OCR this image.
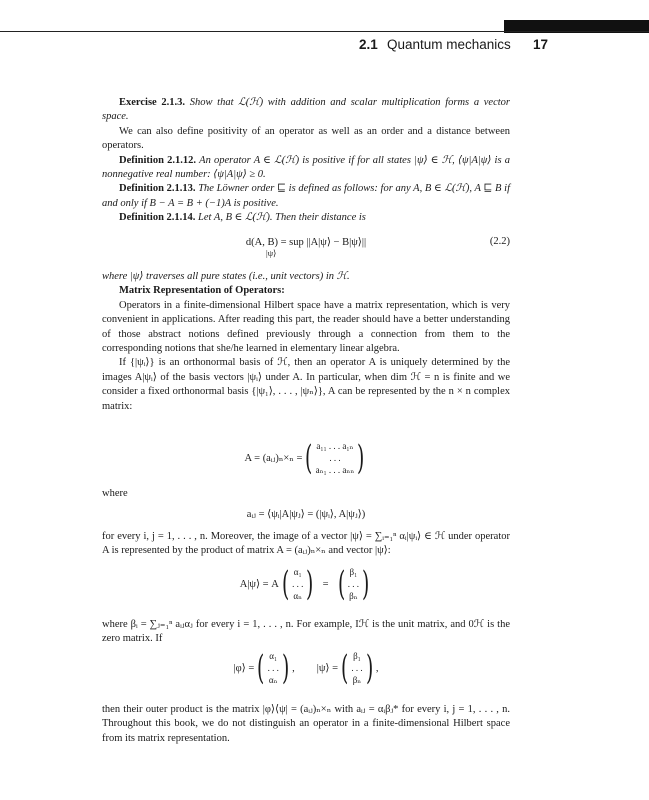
2.1 Quantum mechanics 17

Exercise 2.1.3. Show that ℒ(ℋ) with addition and scalar multiplication forms a vector space.

We can also define positivity of an operator as well as an order and a distance between operators.

Definition 2.1.12. An operator A ∈ ℒ(ℋ) is positive if for all states |ψ⟩ ∈ ℋ, ⟨ψ|A|ψ⟩ is a nonnegative real number: ⟨ψ|A|ψ⟩ ≥ 0.

Definition 2.1.13. The Löwner order ⊑ is defined as follows: for any A, B ∈ ℒ(ℋ), A ⊑ B if and only if B − A = B + (−1)A is positive.

Definition 2.1.14. Let A, B ∈ ℒ(ℋ). Then their distance is

d(A, B) = sup ||A|ψ⟩ − B|ψ⟩||
|ψ⟩
(2.2)

where |ψ⟩ traverses all pure states (i.e., unit vectors) in ℋ.

Matrix Representation of Operators:

Operators in a finite-dimensional Hilbert space have a matrix representation, which is very convenient in applications. After reading this part, the reader should have a better understanding of those abstract notions defined previously through a connection from them to the corresponding notions that she/he learned in elementary linear algebra.

If {|ψᵢ⟩} is an orthonormal basis of ℋ, then an operator A is uniquely determined by the images A|ψᵢ⟩ of the basis vectors |ψᵢ⟩ under A. In particular, when dim ℋ = n is finite and we consider a fixed orthonormal basis {|ψ₁⟩, . . . , |ψₙ⟩}, A can be represented by the n × n complex matrix:

A = (aᵢⱼ)ₙ×ₙ = ( a₁₁ . . . a₁ₙ
. . .
aₙ₁ . . . aₙₙ )
where
aᵢⱼ = ⟨ψᵢ|A|ψⱼ⟩ = (|ψᵢ⟩, A|ψⱼ⟩)
for every i, j = 1, . . . , n. Moreover, the image of a vector |ψ⟩ = ∑ᵢ₌₁ⁿ αᵢ|ψᵢ⟩ ∈ ℋ under operator A is represented by the product of matrix A = (aᵢⱼ)ₙ×ₙ and vector |ψ⟩:
A|ψ⟩ = A ( α₁
. . .
αₙ ) = ( β₁
. . .
βₙ )
where βᵢ = ∑ⱼ₌₁ⁿ aᵢⱼαⱼ for every i = 1, . . . , n. For example, Iℋ is the unit matrix, and 0ℋ is the zero matrix. If
|φ⟩ = ( α₁
. . .
αₙ ) , |ψ⟩ = ( β₁
. . .
βₙ ) ,
then their outer product is the matrix |φ⟩⟨ψ| = (aᵢⱼ)ₙ×ₙ with aᵢⱼ = αᵢβⱼ* for every i, j = 1, . . . , n. Throughout this book, we do not distinguish an operator in a finite-dimensional Hilbert space from its matrix representation.
